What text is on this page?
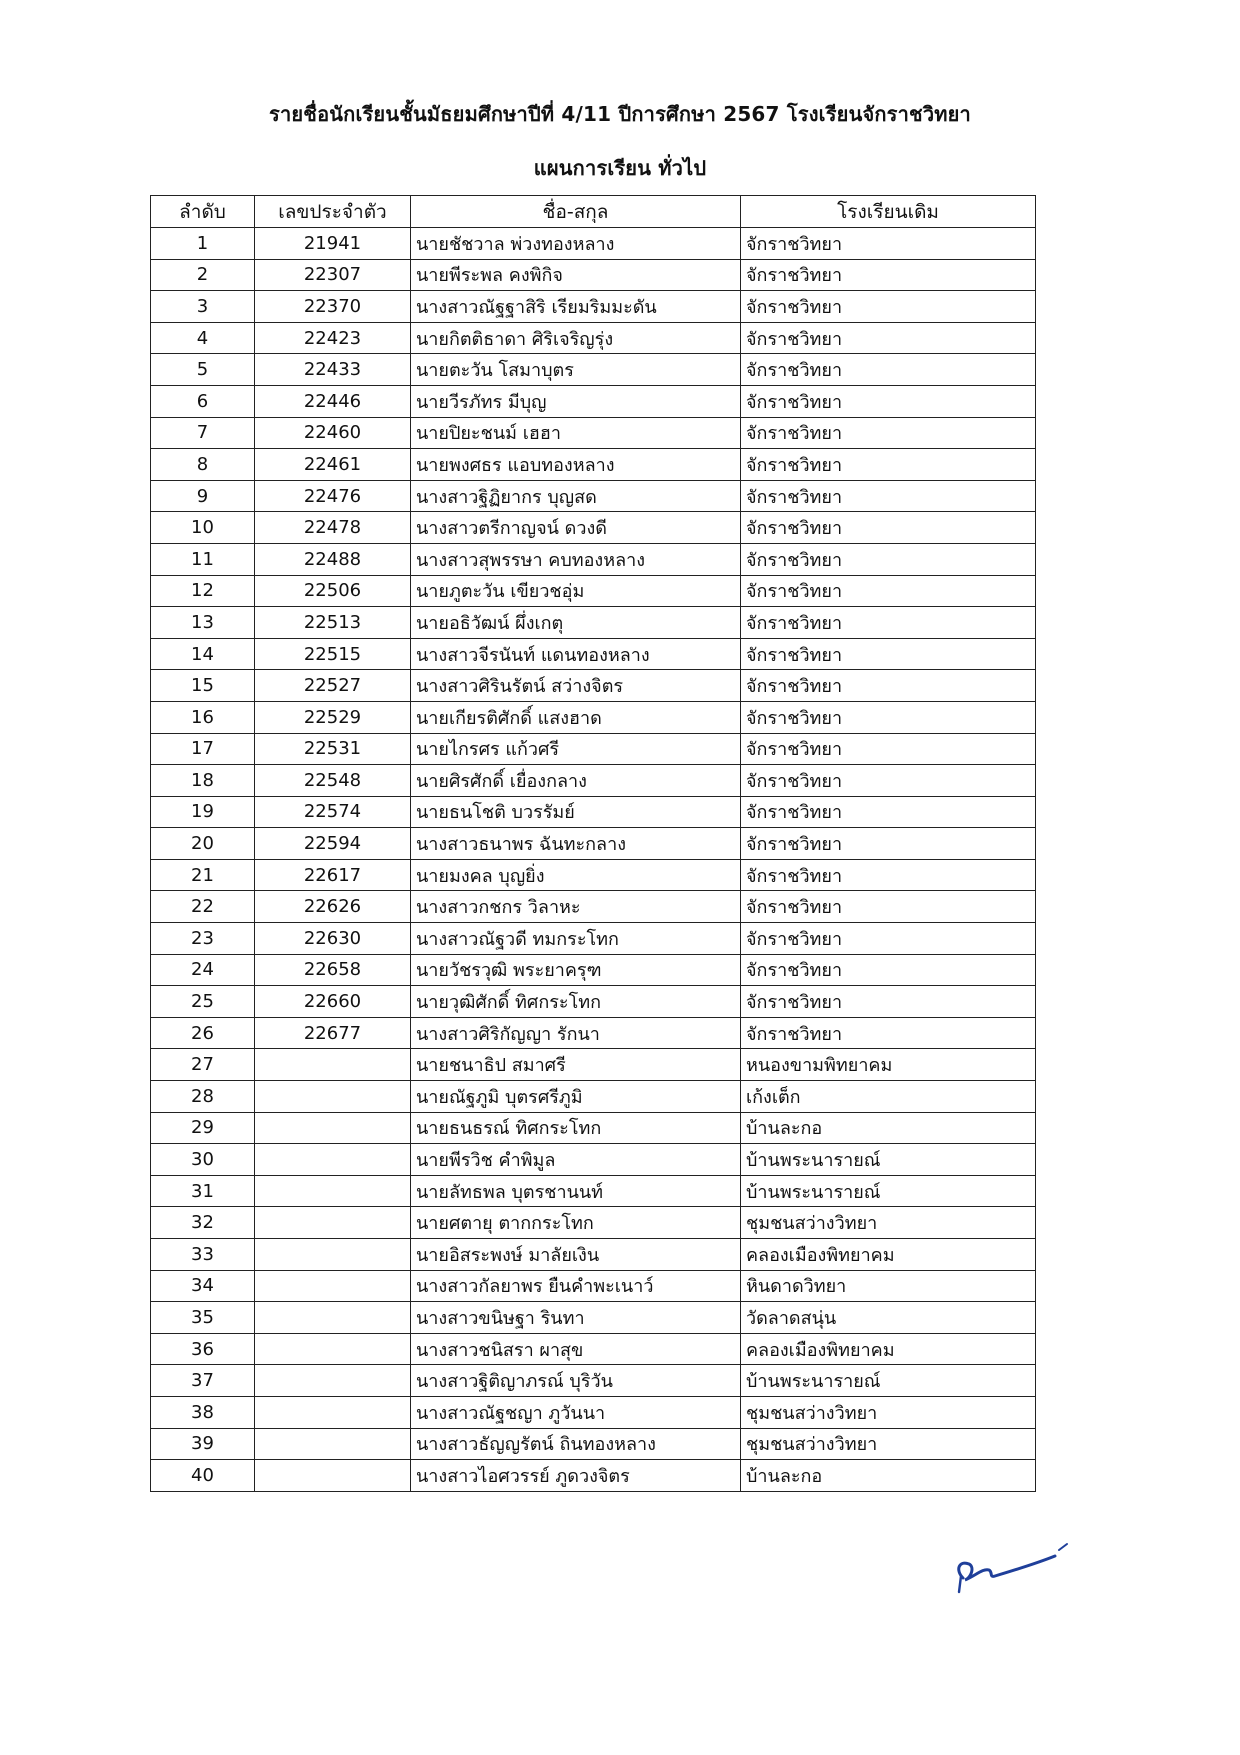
รายชื่อนักเรียนชั้นมัธยมศึกษาปีที่ 4/11 ปีการศึกษา 2567 โรงเรียนจักราชวิทยา
แผนการเรียน ทั่วไป
ลำดับ	เลขประจำตัว	ชื่อ-สกุล	โรงเรียนเดิม
1	21941	นายชัชวาล พ่วงทองหลาง	จักราชวิทยา
2	22307	นายพีระพล คงพิกิจ	จักราชวิทยา
3	22370	นางสาวณัฐฐาสิริ เรียมริมมะดัน	จักราชวิทยา
4	22423	นายกิตติธาดา ศิริเจริญรุ่ง	จักราชวิทยา
5	22433	นายตะวัน โสมาบุตร	จักราชวิทยา
6	22446	นายวีรภัทร มีบุญ	จักราชวิทยา
7	22460	นายปิยะชนม์ เฮฮา	จักราชวิทยา
8	22461	นายพงศธร แอบทองหลาง	จักราชวิทยา
9	22476	นางสาวฐิฏิยากร บุญสด	จักราชวิทยา
10	22478	นางสาวตรีกาญจน์ ดวงดี	จักราชวิทยา
11	22488	นางสาวสุพรรษา คบทองหลาง	จักราชวิทยา
12	22506	นายภูตะวัน เขียวชอุ่ม	จักราชวิทยา
13	22513	นายอธิวัฒน์ ผึ่งเกตุ	จักราชวิทยา
14	22515	นางสาวจีรนันท์ แดนทองหลาง	จักราชวิทยา
15	22527	นางสาวศิรินรัตน์ สว่างจิตร	จักราชวิทยา
16	22529	นายเกียรติศักดิ์ แสงฮาด	จักราชวิทยา
17	22531	นายไกรศร แก้วศรี	จักราชวิทยา
18	22548	นายศิรศักดิ์ เยื่องกลาง	จักราชวิทยา
19	22574	นายธนโชติ บวรรัมย์	จักราชวิทยา
20	22594	นางสาวธนาพร ฉันทะกลาง	จักราชวิทยา
21	22617	นายมงคล บุญยิ่ง	จักราชวิทยา
22	22626	นางสาวกชกร วิลาหะ	จักราชวิทยา
23	22630	นางสาวณัฐวดี ทมกระโทก	จักราชวิทยา
24	22658	นายวัชรวุฒิ พระยาครุฑ	จักราชวิทยา
25	22660	นายวุฒิศักดิ์ ทิศกระโทก	จักราชวิทยา
26	22677	นางสาวศิริกัญญา รักนา	จักราชวิทยา
27		นายชนาธิป สมาศรี	หนองขามพิทยาคม
28		นายณัฐภูมิ บุตรศรีภูมิ	เก้งเต็ก
29		นายธนธรณ์ ทิศกระโทก	บ้านละกอ
30		นายพีรวิช คำพิมูล	บ้านพระนารายณ์
31		นายลัทธพล บุตรชานนท์	บ้านพระนารายณ์
32		นายศตายุ ตากกระโทก	ชุมชนสว่างวิทยา
33		นายอิสระพงษ์ มาลัยเงิน	คลองเมืองพิทยาคม
34		นางสาวกัลยาพร ยืนคำพะเนาว์	หินดาดวิทยา
35		นางสาวขนิษฐา รินทา	วัดลาดสนุ่น
36		นางสาวชนิสรา ผาสุข	คลองเมืองพิทยาคม
37		นางสาวฐิติญาภรณ์ บุริวัน	บ้านพระนารายณ์
38		นางสาวณัฐชญา ภูวันนา	ชุมชนสว่างวิทยา
39		นางสาวธัญญรัตน์ ถินทองหลาง	ชุมชนสว่างวิทยา
40		นางสาวไอศวรรย์ ภูดวงจิตร	บ้านละกอ
